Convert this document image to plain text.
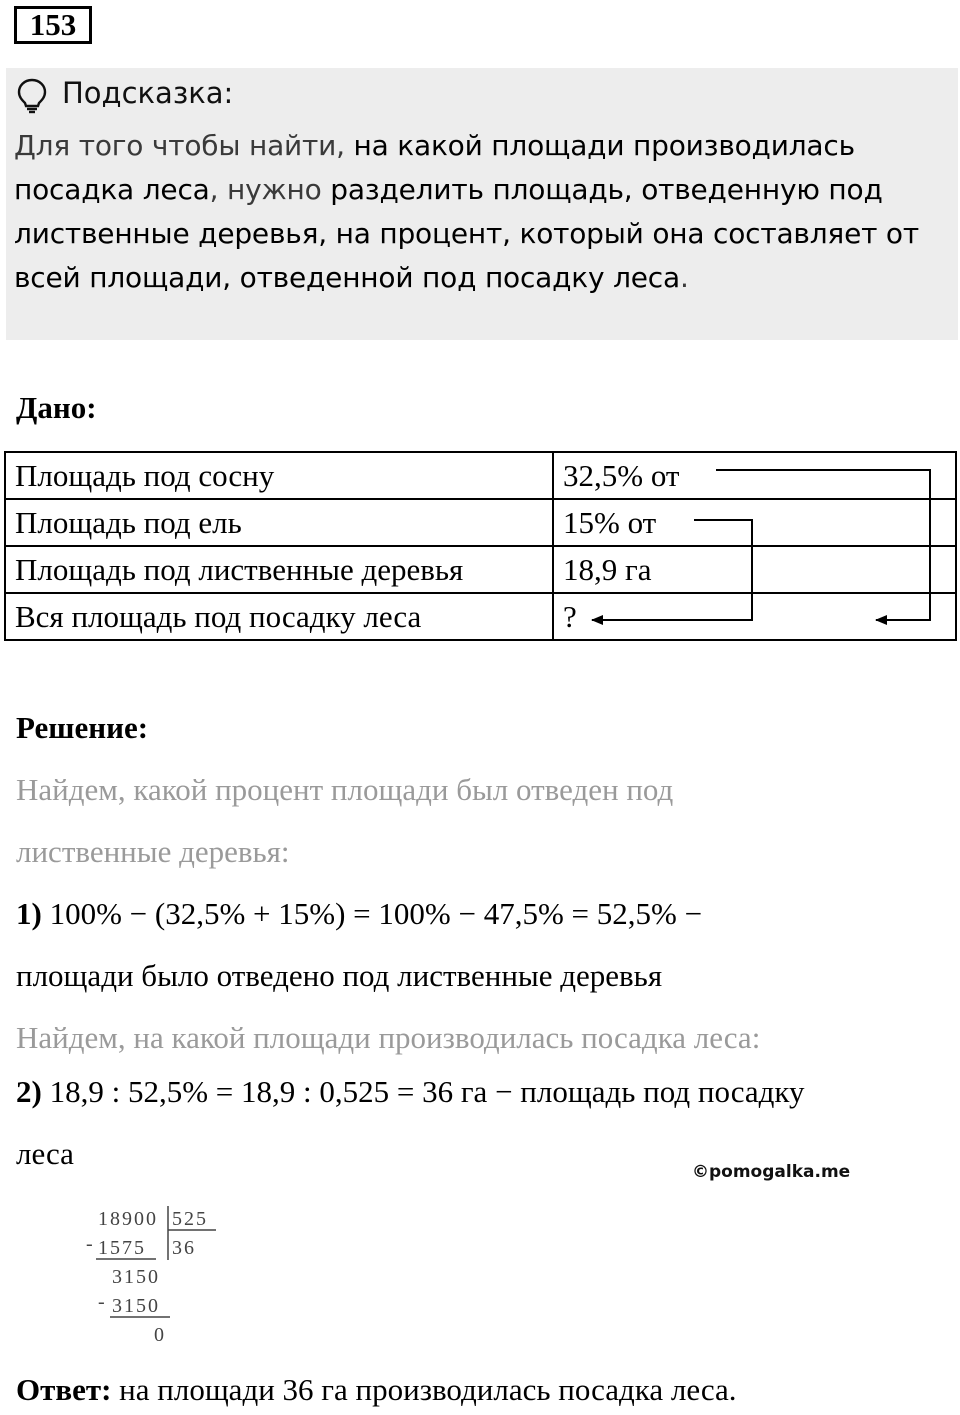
153
Подсказка:
Для того чтобы найти, на какой площади производилась посадка леса, нужно разделить площадь, отведенную под лиственные деревья, на процент, который она составляет от всей площади, отведенной под посадку леса.
Дано:
Площадь под сосну	32,5% от
Площадь под ель	15% от
Площадь под лиственные деревья	18,9 га
Вся площадь под посадку леса	?
Решение:
Найдем, какой процент площади был отведен под
лиственные деревья:
1) 100% − (32,5% + 15%) = 100% − 47,5% = 52,5% −
площади было отведено под лиственные деревья
Найдем, на какой площади производилась посадка леса:
2) 18,9 : 52,5% = 18,9 : 0,525 = 36 га − площадь под посадку
леса
©pomogalka.me
18900 525
- 1575 36
3150
- 3150
0
Ответ: на площади 36 га производилась посадка леса.
